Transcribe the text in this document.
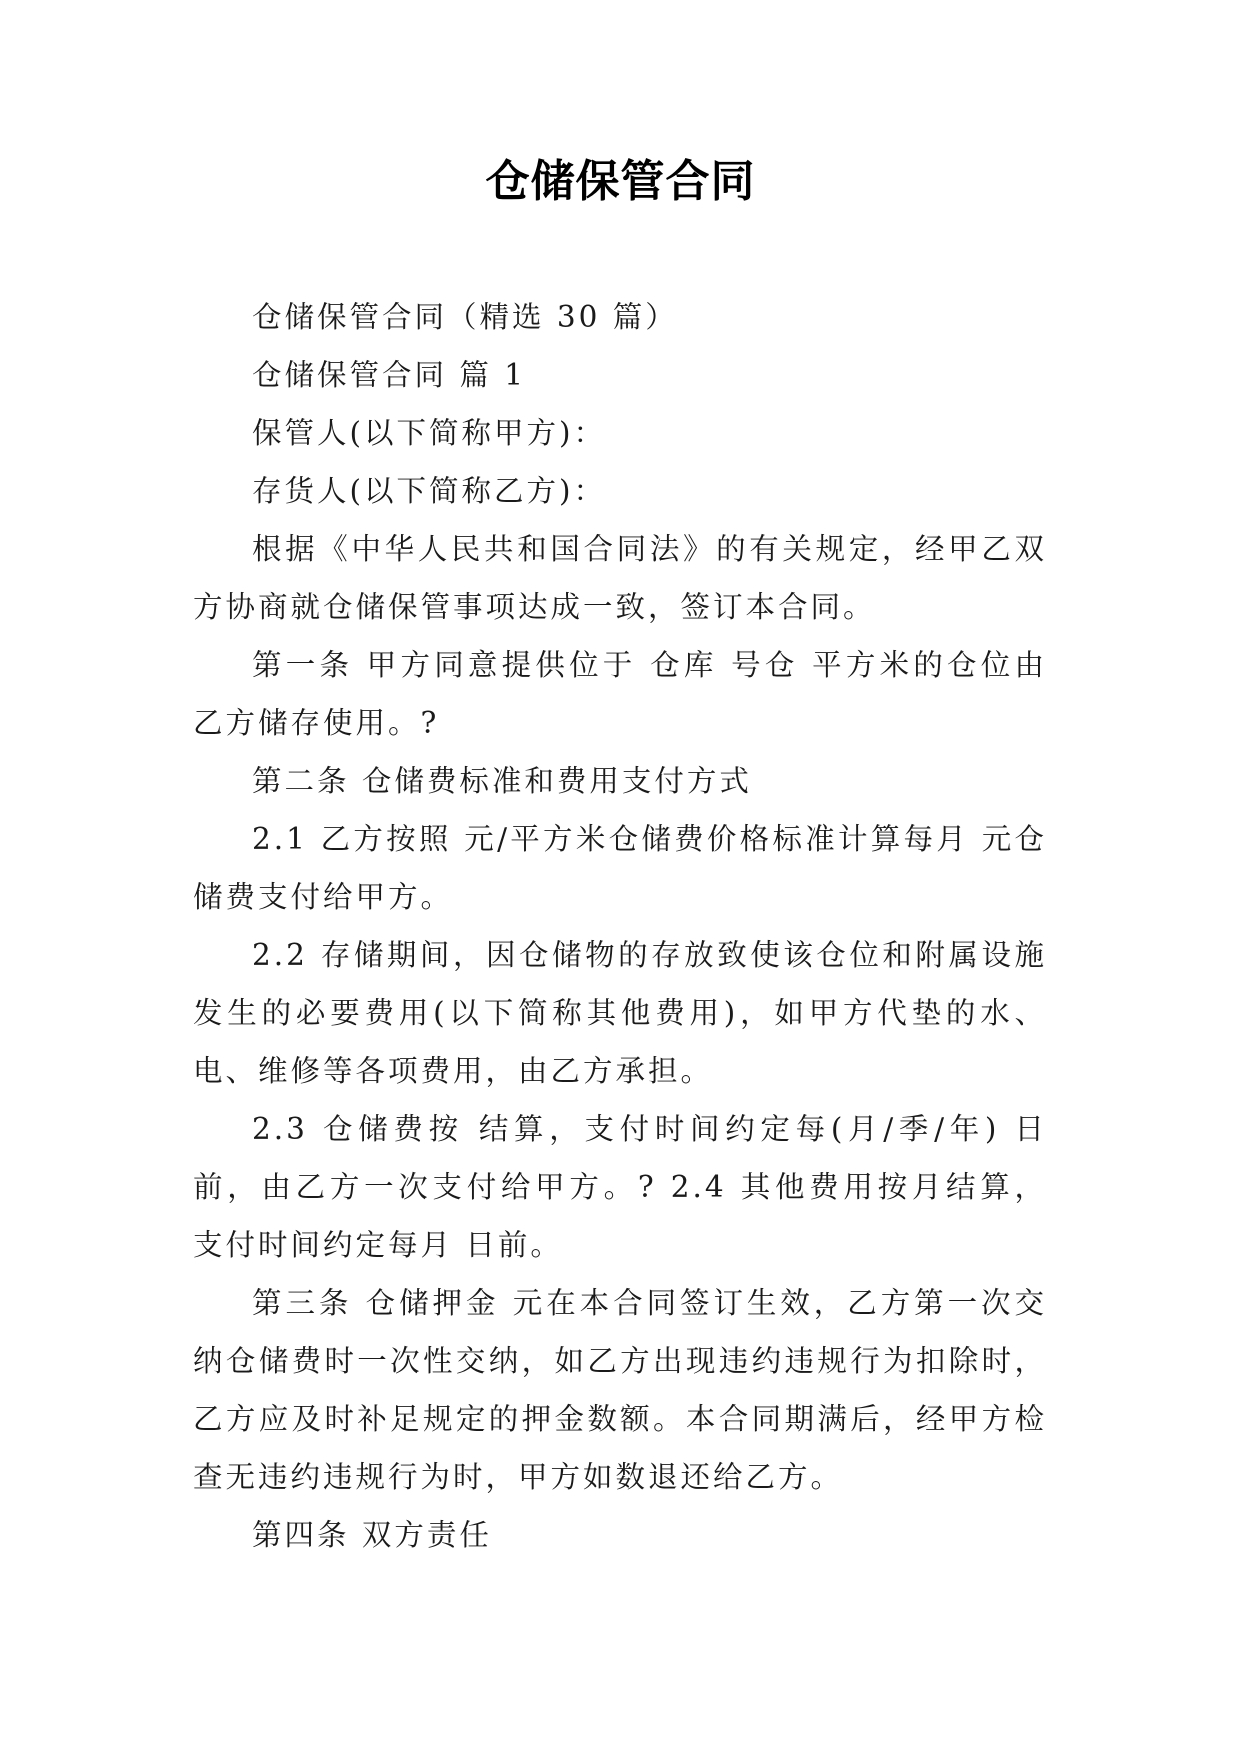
仓储保管合同

仓储保管合同（精选 30 篇）

仓储保管合同 篇 1

保管人(以下简称甲方)：

存货人(以下简称乙方)：

根据《中华人民共和国合同法》的有关规定，经甲乙双方协商就仓储保管事项达成一致，签订本合同。

第一条 甲方同意提供位于 仓库 号仓 平方米的仓位由乙方储存使用。?

第二条 仓储费标准和费用支付方式

2.1 乙方按照 元/平方米仓储费价格标准计算每月 元仓储费支付给甲方。

2.2 存储期间，因仓储物的存放致使该仓位和附属设施发生的必要费用(以下简称其他费用)，如甲方代垫的水、电、维修等各项费用，由乙方承担。

2.3 仓储费按 结算，支付时间约定每(月/季/年) 日前，由乙方一次支付给甲方。? 2.4 其他费用按月结算， 支付时间约定每月 日前。

第三条 仓储押金 元在本合同签订生效，乙方第一次交纳仓储费时一次性交纳，如乙方出现违约违规行为扣除时，乙方应及时补足规定的押金数额。本合同期满后，经甲方检查无违约违规行为时，甲方如数退还给乙方。

第四条 双方责任
